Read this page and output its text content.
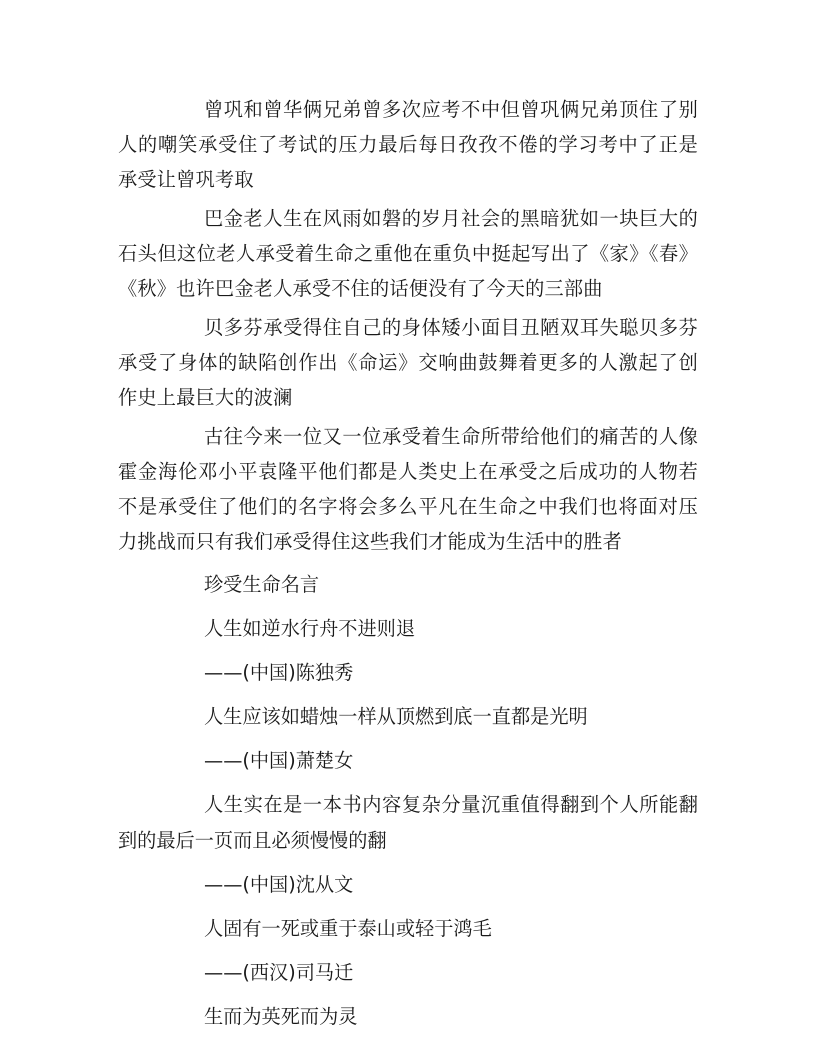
曾巩和曾华俩兄弟曾多次应考不中但曾巩俩兄弟顶住了别人的嘲笑承受住了考试的压力最后每日孜孜不倦的学习考中了正是承受让曾巩考取

巴金老人生在风雨如磐的岁月社会的黑暗犹如一块巨大的石头但这位老人承受着生命之重他在重负中挺起写出了《家》《春》《秋》也许巴金老人承受不住的话便没有了今天的三部曲

贝多芬承受得住自己的身体矮小面目丑陋双耳失聪贝多芬承受了身体的缺陷创作出《命运》交响曲鼓舞着更多的人激起了创作史上最巨大的波澜

古往今来一位又一位承受着生命所带给他们的痛苦的人像霍金海伦邓小平袁隆平他们都是人类史上在承受之后成功的人物若不是承受住了他们的名字将会多么平凡在生命之中我们也将面对压力挑战而只有我们承受得住这些我们才能成为生活中的胜者

珍受生命名言

人生如逆水行舟不进则退

——(中国)陈独秀

人生应该如蜡烛一样从顶燃到底一直都是光明

——(中国)萧楚女

人生实在是一本书内容复杂分量沉重值得翻到个人所能翻到的最后一页而且必须慢慢的翻

——(中国)沈从文

人固有一死或重于泰山或轻于鸿毛

——(西汉)司马迁

生而为英死而为灵
